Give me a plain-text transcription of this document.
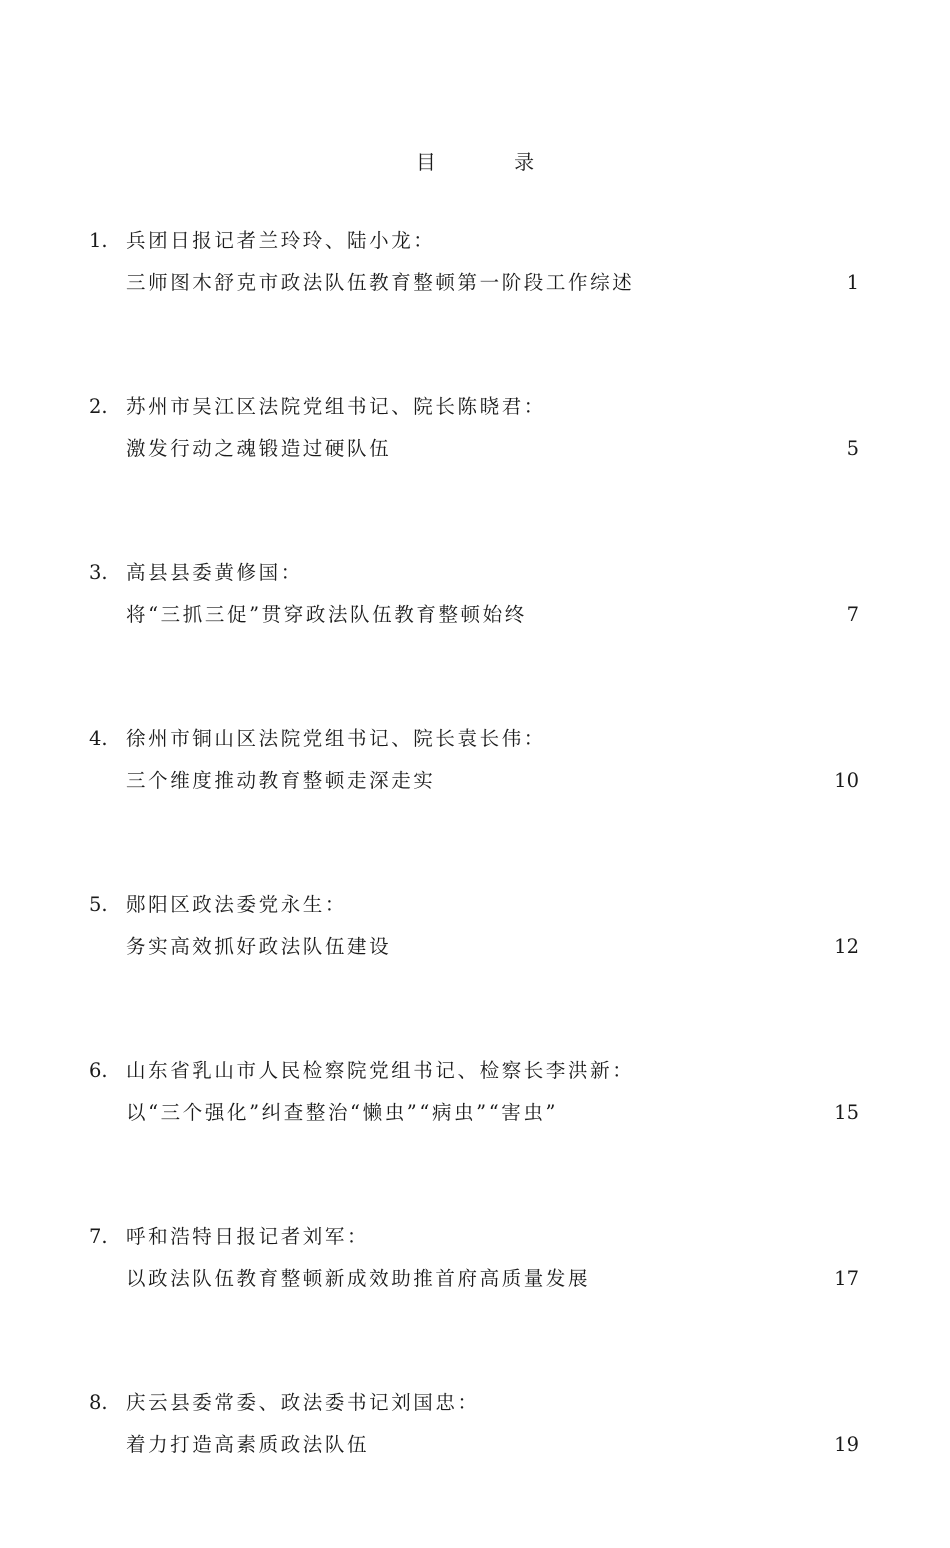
目 录
1. 兵团日报记者兰玲玲、陆小龙：
三师图木舒克市政法队伍教育整顿第一阶段工作综述	1
2. 苏州市吴江区法院党组书记、院长陈晓君：
激发行动之魂锻造过硬队伍	5
3. 高县县委黄修国：
将“三抓三促”贯穿政法队伍教育整顿始终	7
4. 徐州市铜山区法院党组书记、院长袁长伟：
三个维度推动教育整顿走深走实	10
5. 郧阳区政法委党永生：
务实高效抓好政法队伍建设	12
6. 山东省乳山市人民检察院党组书记、检察长李洪新：
以“三个强化”纠查整治“懒虫”“病虫”“害虫”	15
7. 呼和浩特日报记者刘军：
以政法队伍教育整顿新成效助推首府高质量发展	17
8. 庆云县委常委、政法委书记刘国忠：
着力打造高素质政法队伍	19
